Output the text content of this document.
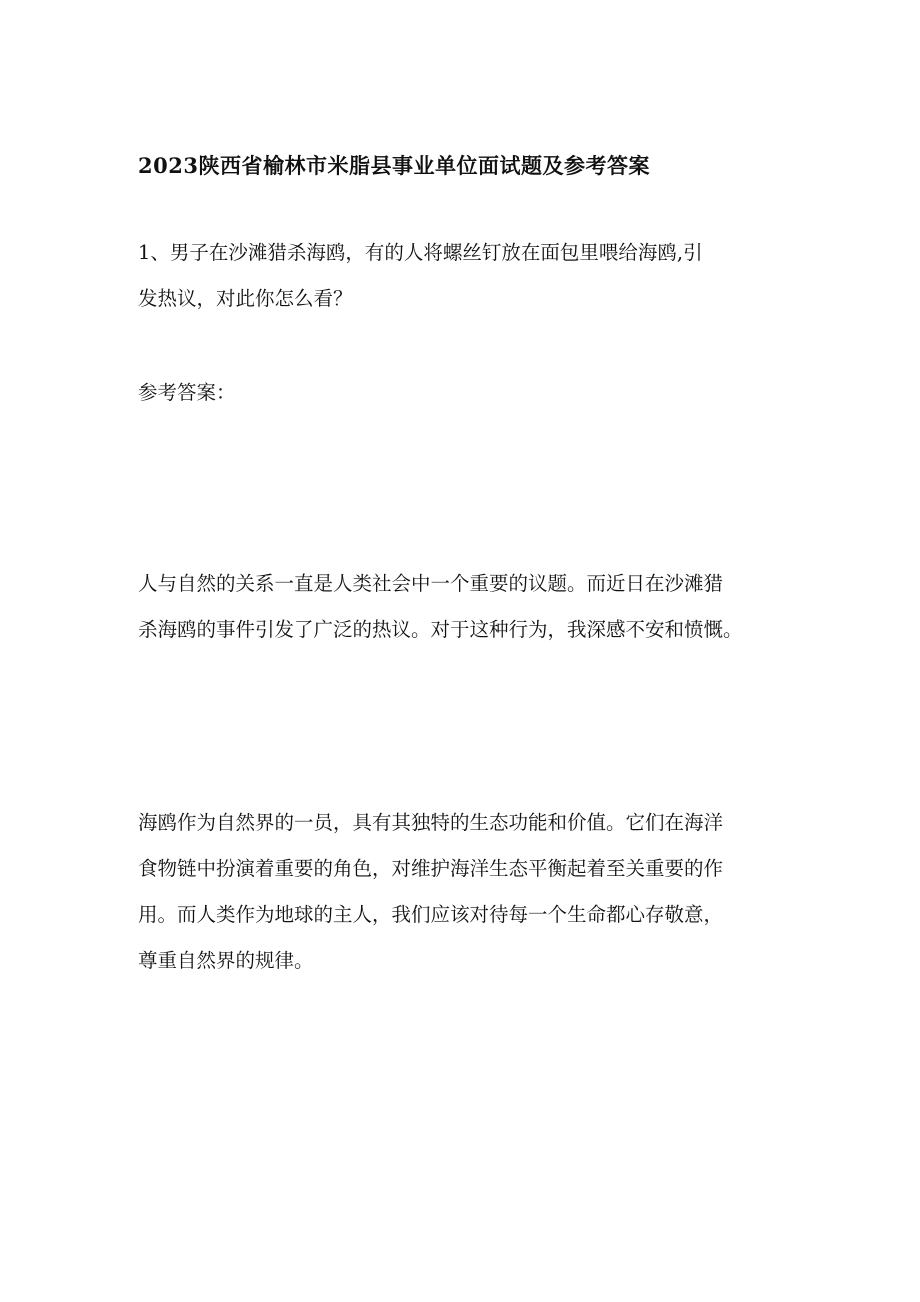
2023陕西省榆林市米脂县事业单位面试题及参考答案
1、男子在沙滩猎杀海鸥，有的人将螺丝钉放在面包里喂给海鸥,引
发热议，对此你怎么看？
参考答案：
人与自然的关系一直是人类社会中一个重要的议题。而近日在沙滩猎
杀海鸥的事件引发了广泛的热议。对于这种行为，我深感不安和愤慨。
海鸥作为自然界的一员，具有其独特的生态功能和价值。它们在海洋
食物链中扮演着重要的角色，对维护海洋生态平衡起着至关重要的作
用。而人类作为地球的主人，我们应该对待每一个生命都心存敬意，
尊重自然界的规律。
